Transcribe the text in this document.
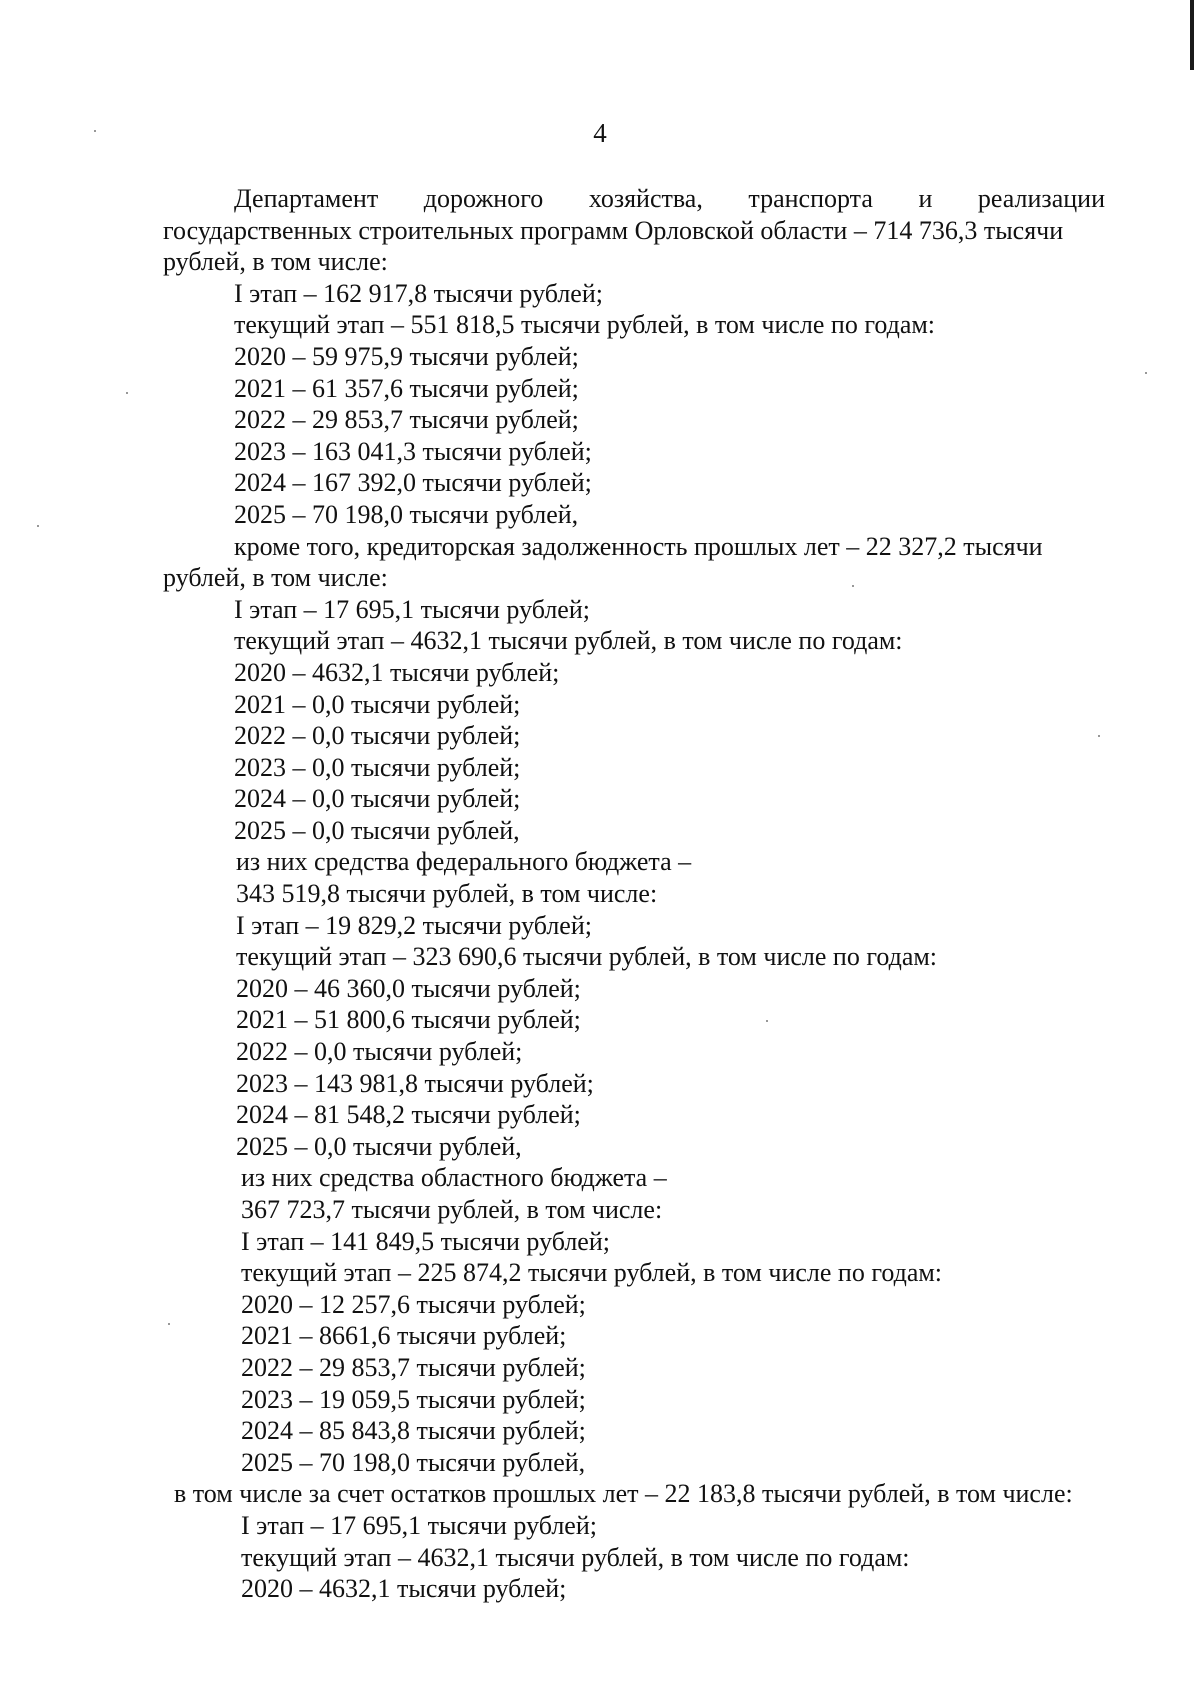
4
Департамент дорожного хозяйства, транспорта и реализации
государственных строительных программ Орловской области – 714 736,3 тысячи
рублей, в том числе:
I этап – 162 917,8 тысячи рублей;
текущий этап – 551 818,5 тысячи рублей, в том числе по годам:
2020 – 59 975,9 тысячи рублей;
2021 – 61 357,6 тысячи рублей;
2022 – 29 853,7 тысячи рублей;
2023 – 163 041,3 тысячи рублей;
2024 – 167 392,0 тысячи рублей;
2025 – 70 198,0 тысячи рублей,
кроме того, кредиторская задолженность прошлых лет – 22 327,2 тысячи
рублей, в том числе:
I этап – 17 695,1 тысячи рублей;
текущий этап – 4632,1 тысячи рублей, в том числе по годам:
2020 – 4632,1 тысячи рублей;
2021 – 0,0 тысячи рублей;
2022 – 0,0 тысячи рублей;
2023 – 0,0 тысячи рублей;
2024 – 0,0 тысячи рублей;
2025 – 0,0 тысячи рублей,
из них средства федерального бюджета –
343 519,8 тысячи рублей, в том числе:
I этап – 19 829,2 тысячи рублей;
текущий этап – 323 690,6 тысячи рублей, в том числе по годам:
2020 – 46 360,0 тысячи рублей;
2021 – 51 800,6 тысячи рублей;
2022 – 0,0 тысячи рублей;
2023 – 143 981,8 тысячи рублей;
2024 – 81 548,2 тысячи рублей;
2025 – 0,0 тысячи рублей,
из них средства областного бюджета –
367 723,7 тысячи рублей, в том числе:
I этап – 141 849,5 тысячи рублей;
текущий этап – 225 874,2 тысячи рублей, в том числе по годам:
2020 – 12 257,6 тысячи рублей;
2021 – 8661,6 тысячи рублей;
2022 – 29 853,7 тысячи рублей;
2023 – 19 059,5 тысячи рублей;
2024 – 85 843,8 тысячи рублей;
2025 – 70 198,0 тысячи рублей,
в том числе за счет остатков прошлых лет – 22 183,8 тысячи рублей, в том числе:
I этап – 17 695,1 тысячи рублей;
текущий этап – 4632,1 тысячи рублей, в том числе по годам:
2020 – 4632,1 тысячи рублей;
